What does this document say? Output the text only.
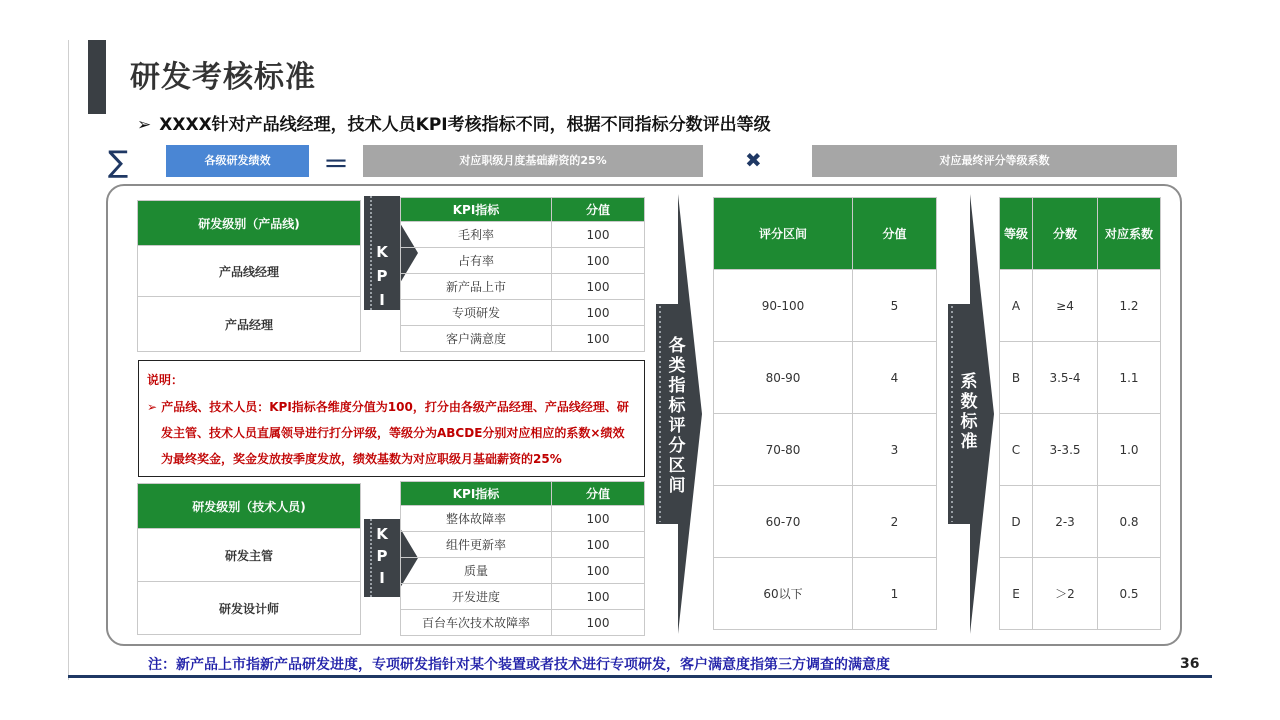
研发考核标准
➢ XXXX针对产品线经理，技术人员KPI考核指标不同，根据不同指标分数评出等级
∑	各级研发绩效	＝	对应职级月度基础薪资的25%	✖	对应最终评分等级系数
研发级别（产品线)
产品线经理
产品经理
K
P
I
KPI指标	分值
毛利率	100
占有率	100
新产品上市	100
专项研发	100
客户满意度	100
说明：
➢ 产品线、技术人员：KPI指标各维度分值为100，打分由各级产品经理、产品线经理、研发主管、技术人员直属领导进行打分评级，等级分为ABCDE分别对应相应的系数×绩效为最终奖金，奖金发放按季度发放，绩效基数为对应职级月基础薪资的25%
研发级别（技术人员)
研发主管
研发设计师
K
P
I
KPI指标	分值
整体故障率	100
组件更新率	100
质量	100
开发进度	100
百台车次技术故障率	100
各
类
指
标
评
分
区
间
评分区间	分值
90-100	5
80-90	4
70-80	3
60-70	2
60以下	1
系
数
标
准
等级	分数	对应系数
A	≥4	1.2
B	3.5-4	1.1
C	3-3.5	1.0
D	2-3	0.8
E	＞2	0.5
注：新产品上市指新产品研发进度，专项研发指针对某个装置或者技术进行专项研发，客户满意度指第三方调查的满意度	36
